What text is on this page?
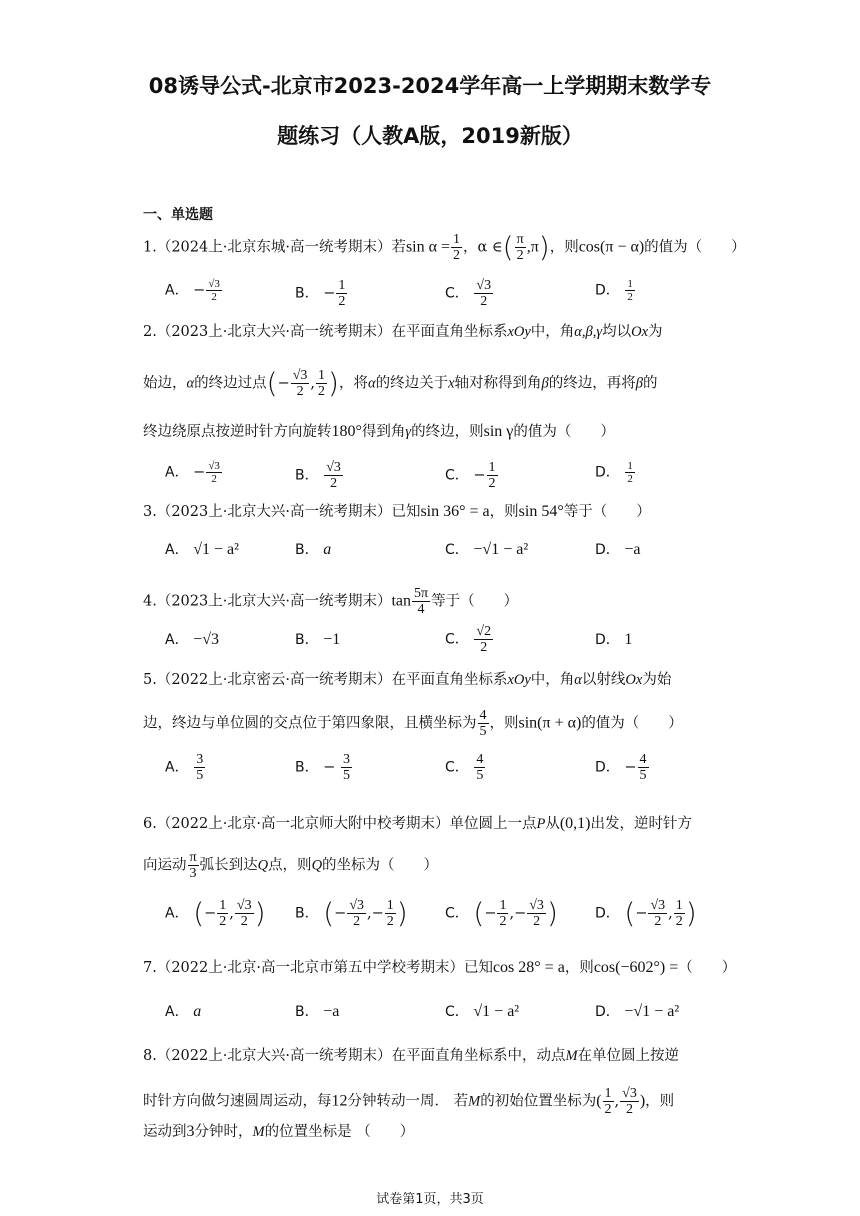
08诱导公式-北京市2023-2024学年高一上学期期末数学专
题练习（人教A版，2019新版）
一、单选题
1.（2024上·北京东城·高一统考期末）若$\sin \alpha = \frac{1}{2}$ ，α ∈( $\frac{\pi}{2} ,\pi$)，则cos(π − α)的值为（　　）
A． − $\frac{√3}{2}$	B． − $\frac{1}{2}$	C． $\frac{√3}{2}$	D． $\frac{1}{2}$
2.（2023上·北京大兴·高一统考期末）在平面直角坐标系xOy中，角α,β,γ均以Ox为
始边，α的终边过点(− $\frac{√3}{2}$ , $\frac{1}{2}$ )，将α的终边关于x轴对称得到角β的终边，再将β的
终边绕原点按逆时针方向旋转180°得到角γ的终边，则sin γ的值为（　　）
A． − $\frac{√3}{2}$	B． $\frac{√3}{2}$	C． − $\frac{1}{2}$	D． $\frac{1}{2}$
3.（2023上·北京大兴·高一统考期末）已知sin 36° = a，则sin 54°等于（　　）
A． √1 − a²	B． a	C． −√1 − a²	D． −a
4.（2023上·北京大兴·高一统考期末）$\tan \frac{5\pi}{4}$ 等于（　　）
A． −√3	B． −1	C． $\frac{√2}{2}$	D． 1
5.（2022上·北京密云·高一统考期末）在平面直角坐标系xOy中，角α以射线Ox为始
边，终边与单位圆的交点位于第四象限，且横坐标为 $\frac{4}{5}$ ，则sin(π + α)的值为（　　）
A． $\frac{3}{5}$	B． − $\frac{3}{5}$	C． $\frac{4}{5}$	D． − $\frac{4}{5}$
6.（2022上·北京·高一北京师大附中校考期末）单位圆上一点P从(0,1)出发，逆时针方
向运动 $\frac{\pi}{3}$ 弧长到达Q点，则Q的坐标为（　　）
A． (− $\frac{1}{2}$ , $\frac{√3}{2}$ ) B． (− $\frac{√3}{2}$ ,− $\frac{1}{2}$ )	C． (− $\frac{1}{2}$ ,− $\frac{√3}{2}$ )	D． (− $\frac{√3}{2}$ , $\frac{1}{2}$ )
7.（2022上·北京·高一北京市第五中学校考期末）已知cos 28° = a，则cos(−602°) =（　　）
A． a	B． −a	C． √1 − a²	D． −√1 − a²
8.（2022上·北京大兴·高一统考期末）在平面直角坐标系中，动点M在单位圆上按逆
时针方向做匀速圆周运动，每12分钟转动一周． 若M的初始位置坐标为( $\frac{1}{2}$ , $\frac{√3}{2}$ )，则
运动到3分钟时，M的位置坐标是 （　　）
试卷第1页，共3页
